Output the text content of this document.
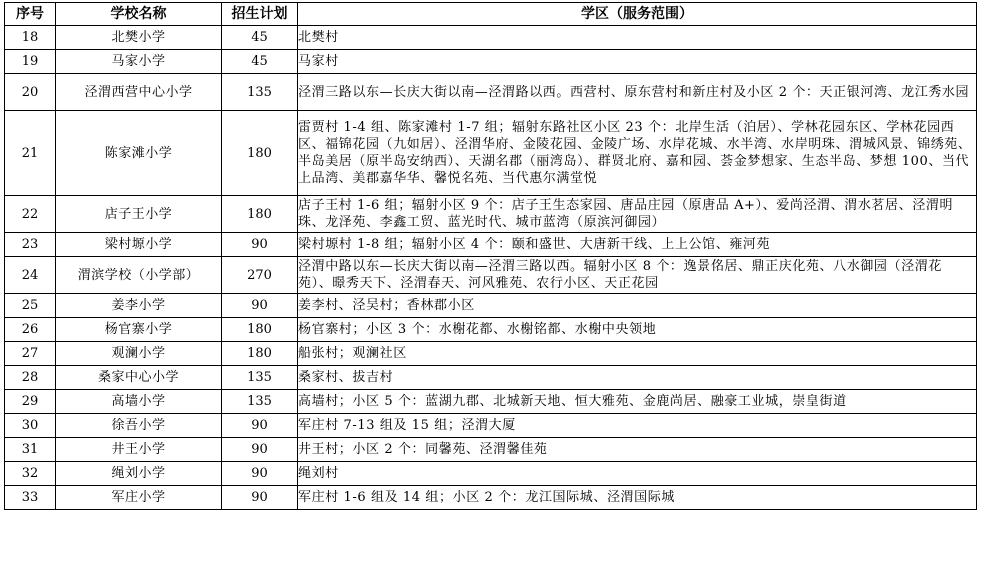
序号	学校名称	招生计划	学区（服务范围）
18	北樊小学	45	北樊村
19	马家小学	45	马家村
20	泾渭西营中心小学	135	泾渭三路以东—长庆大街以南—泾渭路以西。西营村、原东营村和新庄村及小区 2 个：天正银河湾、龙江秀水园
21	陈家滩小学	180	雷贾村 1-4 组、陈家滩村 1-7 组；辐射东路社区小区 23 个：北岸生活（泊居）、学林花园东区、学林花园西区、福锦花园（九如居）、泾渭华府、金陵花园、金陵广场、水岸花城、水半湾、水岸明珠、渭城风景、锦绣苑、半岛美居（原半岛安纳西）、天湖名郡（丽湾岛）、群贤北府、嘉和园、荟金梦想家、生态半岛、梦想 100、当代上品湾、美郡嘉华华、馨悦名苑、当代惠尔满堂悦
22	店子王小学	180	店子王村 1-6 组；辐射小区 9 个：店子王生态家园、唐品庄园（原唐品 A+）、爱尚泾渭、渭水茗居、泾渭明珠、龙泽苑、李鑫工贸、蓝光时代、城市蓝湾（原滨河御园）
23	梁村塬小学	90	梁村塬村 1-8 组；辐射小区 4 个：颐和盛世、大唐新干线、上上公馆、雍河苑
24	渭滨学校（小学部）	270	泾渭中路以东—长庆大街以南—泾渭三路以西。辐射小区 8 个：逸景佲居、鼎正庆化苑、八水御园（泾渭花苑）、暻秀天下、泾渭春天、河风雅苑、农行小区、天正花园
25	姜李小学	90	姜李村、泾吴村；香林郡小区
26	杨官寨小学	180	杨官寨村；小区 3 个：水榭花都、水榭铭都、水榭中央领地
27	观澜小学	180	船张村；观澜社区
28	桑家中心小学	135	桑家村、拔吉村
29	高墙小学	135	高墙村；小区 5 个：蓝湖九郡、北城新天地、恒大雅苑、金鹿尚居、融豪工业城，崇皇街道
30	徐吾小学	90	军庄村 7-13 组及 15 组；泾渭大厦
31	井王小学	90	井王村；小区 2 个：同馨苑、泾渭馨佳苑
32	绳刘小学	90	绳刘村
33	军庄小学	90	军庄村 1-6 组及 14 组；小区 2 个：龙江国际城、泾渭国际城
